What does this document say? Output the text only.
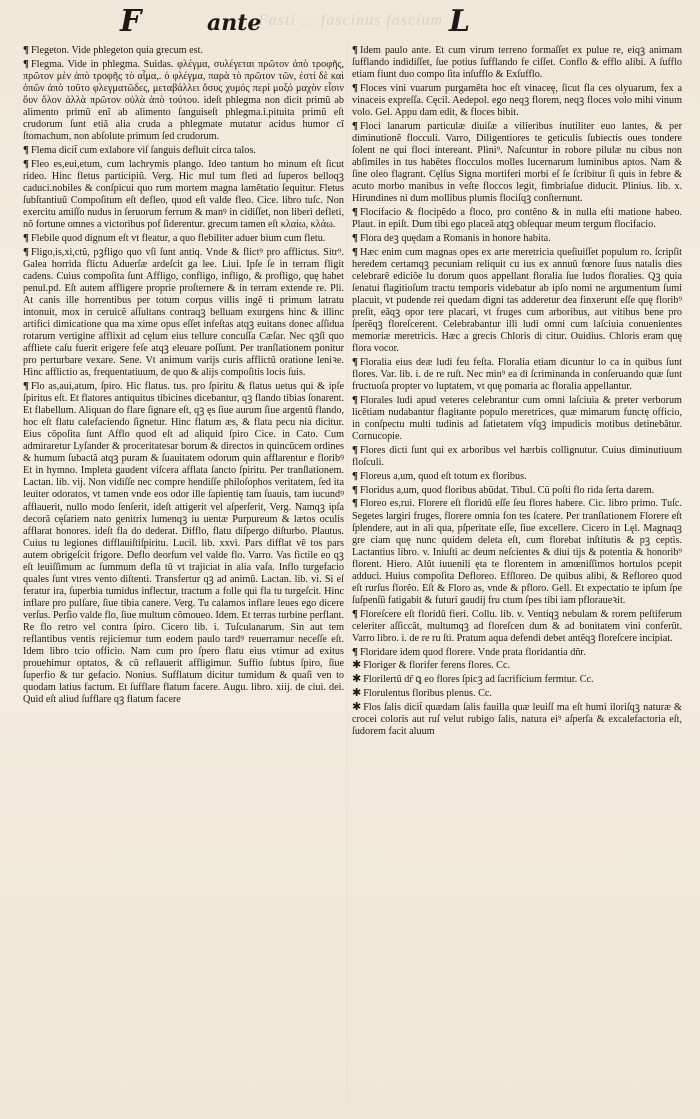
F	ante
Fasti ... fascinus fascium L

¶ Flegeton. Vide phlegeton quia grecum est.

¶ Flegma. Vide in phlegma. Suidas. φλέγμα, συλέγεται πρῶτον ἀπὸ τροφῆς, πρῶτον μὲν ἀπὸ τροφῆς τὸ αἷμα,. ὁ φλέγμα, παρὰ τὸ πρῶτον τῶν, ἐστί δὲ καὶ ὁπῶν ἀπὸ τοῦτο φλεγματῶδες, μεταβάλλει ὅσυς χυμός περί μοξό μαχὸν εἶσιν ὄυν ὅλον ἀλλὰ πρῶτον οὐλὰ ἀπὸ τούτου. ideſt phlegma non dicit primũ ab alimento primũ enĩ ab alimento ſanguiseſt phlegma.i.pituita primũ eſt crudorum ſunt etiã alia cruda a phlegmate mutatur acidus humor cĩ ſtomachum, non abſolute primum ſed crudorum.

¶ Flema dicit̃ cum exlabore viſ ſanguis defluit circa talos.

¶ Fleo es,eui,etum, cum lachrymis plango. Ideo tantum ho minum eſt ſicut rideo. Hinc fletus participiũ. Verg. Hic mul tum fleti ad ſuperos belloqꝫ caduci.nobiles & conſpicui quo rum mortem magna lamẽtatio ſequitur. Fletus ſubſtantiuũ Compoſitum eſt defleo, quod eſt valde fleo. Cice. libro tuſc. Non exercitu amiſſo nudus in ſeruorum ferrum & manꝰ in cidiſſet, non liberi defleti, nõ fortune omnes a victoribus pof ſiderentur. grecum tamen eſt κλαίω, κλάω.

¶ Flebile quod dignum eſt vt fleatur, a quo flebiliter aduer bium cum fletu.

¶ Fligo,is,xi,ctũ, pꝫfligo quo vſi ſunt antiq. Vnde & flict⁹ pro afflictus. Sitr⁹. Galea horrida flictu Aduerſæ ardeſcit ga lee. Liui. Ipſe ſe in terram fligit cadens. Cuius compoſita ſunt Affligo, confligo, infligo, & profligo, quę habet penul.pd. Eſt autem affligere proprie proſternere & in terram extende re. Pli. At canis ille horrentibus per totum corpus villis ingẽ ti primum latratu intonuit, mox in ceruicẽ aſſultans contraqꝫ belluam exurgens hinc & illinc artifici dimicatione qua ma xime opus eſſet infeſtas atqꝫ euitans donec aſſidua rotarum vertigine afflixit ad cęlum eius tellure concuſſa Cæſar. Nec qꝫſi quo affliete caſu fuerit erigere feſe atqꝫ eleuare poſſunt. Per tranſlationem ponitur pro perturbare vexare. Sene. Vt animum varijs curis afflictũ oratione leniꝛe. Hinc afflictio as, frequentatiuum, de quo & alijs compoſitis locis ſuis.

¶ Flo as,aui,atum, ſpiro. Hic flatus. tus. pro ſpiritu & flatus uetus qui & ipſe ſpiritus eſt. Et flatores antiquitus tibicines dicebantur, qꝫ flando tibias ſonarent. Et flabellum. Aliquan do flare ſignare eſt, qꝫ ęs ſiue aurum ſiue argentũ flando, hoc eſt flatu calefaciendo ſignetur. Hinc flatum æs, & flata pecu nia dicitur. Eius cõpoſita ſunt Afflo quod eſt ad aliquid ſpiro Cice. in Cato. Cum admiraretur Lyſander & proceritatesar borum & directos in quincũcem ordines & humum ſubactã atqꝫ puram & ſuauitatem odorum quin afflarentur e floribꝰ Et in hymno. Impleta gaudent viſcera afflata ſancto ſpiritu. Per tranſlationem. Lactan. lib. vij. Non vidiſſe nec compre hendiſſe philoſophos veritatem, ſed ita leuiter odoratos, vt tamen vnde eos odor ille ſapientię tam ſuauis, tam iucundꝰ afflauerit, nullo modo ſenſerit, ideſt attigerit vel aſperſerit, Verg. Namqꝫ ipſa decorã cęſariem nato genitrix lumenqꝫ iu uentæ Purpureum & lætos oculis afflarat honores. ideſt fla do dederat. Difflo, flatu diſpergo diſturbo. Plautus. Cuius tu legiones difflauiſtiſpiritu. Lucil. lib. xxvi. Pars difflat vẽ tos pars autem obrigeſcit frigore. Deflo deorſum vel valde flo. Varro. Vas fictile eo qꝫ eſt leuiſſimum ac ſummum defla tũ vt trajiciat in alia vaſa. Inflo turgefacio quales ſunt vtres vento diſtenti. Transfertur qꝫ ad animũ. Lactan. lib. vi. Si eſ feratur ira, ſuperbia tumidus inflectur, tractum a folle qui fla tu turgeſcit. Hinc inflare pro pulſare, ſiue tibia canere. Verg. Tu calamos inflare leues ego dicere verſus. Perſio valde flo, ſiue multum cõmoueo. Idem. Et terras turbine perflant. Re flo retro vel contra ſpiro. Cicero lib. i. Tuſculanarum. Sin aut tem reflantibus ventis rejiciemur tum eodem paulo tardꝰ reuerramur neceſſe eſt. Idem libro tcio officio. Nam cum pro ſpero flatu eius vtimur ad exitus prouehimur optatos, & cũ reflauerit affligimur. Suffio ſubtus ſpiro, ſiue ſuperfio & tur gefacio. Nonius. Sufflatum dicitur tumidum & quaſi ven to quodam latius factum. Et ſufflare flatum facere. Augu. libro. xiij. de ciui. dei. Quid eſt aliud ſufflare qꝫ flatum facere

¶ Idem paulo ante. Et cum virum terreno formaſſet ex pulue re, eiqꝫ animam ſufflando indidiſſet, ſue potius ſufflando fe ciſſet. Conflo & efflo alibi. A ſufflo etiam fiunt duo compo ſita inſufflo & Exſufflo.

¶ Floces vini vuarum purgamẽta hoc eſt vinaceę, ſicut fla ces olyuarum, fex a vinaceis expreſſa. Cęcil. Aedepol. ego neqꝫ florem, neqꝫ floces volo mihi vinum volo. Gel. Appu dam edit, & floces bibit.

¶ Floci lanarum particulæ diuiſæ a vilieribus inutiliter euo lantes, & per diminutionẽ flocculi. Varro, Diligentiores te geticulis ſubiectis oues tondere ſolent ne qui floci intereant. Plini⁹. Naſcuntur in robore pilulæ nu cibus non abſimiles in tus habẽtes flocculos molles lucernarum luminibus aptos. Nam & ſine oleo flagrant. Cęlſus Signa mortiferi morbi eſ ſe ſcribitur ſi quis in febre & acuto morbo manibus in veſte floccos legit, fimbriaſue diducit. Plinius. lib. x. Hirundines ni dum mollibus plumis flociſqꝫ conſternunt.

¶ Flocifacio & flocipẽdo a floco, pro contẽno & in nulla eſti matione habeo. Plaut. in epiſt. Dum tibi ego placeã atqꝫ obſequar meum tergum flocifacio.

¶ Flora deꝫ quędam a Romanis in honore habita.

¶ Hæc enim cum magnas opes ex arte meretricia queſiuiſſet populum ro. ſcripſit heredem certamqꝫ pecuniam reliquit cu ius ex annuũ fœnore ſuus natalis dies celebrarẽ ediciõe lu dorum quos appellant floralia ſue ludos floralies. Qꝫ quia ſenatui flagitioſum tractu temporis videbatur ab ipſo nomi ne argumentum ſumi placuit, vt pudende rei quedam digni tas adderetur dea finxerunt eſſe quę florib⁹ preſit, eãqꝫ opor tere placari, vt fruges cum arboribus, aut vitibus bene pro ſperẽqꝫ floreſcerent. Celebrabantur illi ludi omni cum laſciuia conuenientes memoriæ meretricis. Hæc a grecis Chloris di citur. Ouidius. Chloris eram quę flora vocor.

¶ Floralia eius deæ ludi feu feſta. Floralia etiam dicuntur lo ca in quibus ſunt flores. Var. lib. i. de re ruſt. Nec min⁹ ea di ſcriminanda in conſeruando quæ ſunt fructuoſa propter vo luptatem, vt quę pomaria ac floralia appellantur.

¶ Florales ludi apud veteres celebrantur cum omni laſciuia & preter verborum licẽtiam nudabantur flagitante populo meretrices, quæ mimarum functę officio, in conſpectu multi tudinis ad ſatietatem vſqꝫ impudicis motibus detinebãtur. Cornucopie.

¶ Flores dicti ſunt qui ex arboribus vel hærbis collignutur. Cuius diminutiuum floſculi.

¶ Floreus a,um, quod eſt totum ex floribus.

¶ Floridus a,um, quod floribus abũdat. Tibul. Cũ poſti flo rida ſerta darem.

¶ Floreo es,rui. Florere eſt floridũ eſſe ſeu flores habere. Cic. libro primo. Tuſc. Segetes largiri fruges, florere omnia fon tes ſcatere. Per tranſlationem Florere eſt ſplendere, aut in ali qua, pſperitate eſſe, ſiue excellere. Cicero in Lęl. Magnaqꝫ gre ciam quę nunc quidem deleta eſt, cum florebat inſtitutis & pꝫ ceptis. Lactantius libro. v. Iniuſti ac deum neſcientes & diui tijs & potentia & honorib⁹ florent. Hiero. Alũt iuuenili ęta te florentem in amœniſſimos hortulos pcepit adduci. Huius compoſita Defloreo. Efſloreo. De quibus alibi, & Refloreo quod eſt rurſus florẽo. Eſt & Floro as, vnde & pfloro. Gell. Et expectatio te ipſum ſpe ſuſpenſũ fatigabit & futuri gaudij fru ctum ſpes tibi iam pfloraueꝛit.

¶ Floreſcere eſt floridũ fieri. Collu. lib. v. Ventiqꝫ nebulam & rorem peſtiferum celeriter aſſiccãt, multumqꝫ ad floreſcen dum & ad bonitatem vini conferũt. Varro libro. i. de re ru ſti. Pratum aqua defendi debet antẽqꝫ floreſcere incipiat.

¶ Floridare idem quod florere. Vnde prata floridantia dñr.

✱ Floriger & florifer ferens flores. Cc.

✱ Florilertũ dr̃ ꝗ eo flores ſpicꝫ ad ſacrificium fermtur. Cc.

✱ Florulentus floribus plenus. Cc.

✱ Flos ſalis dicit̃ quædam ſalis fauilla quæ leuiſſ ma eſt humi iloriſqꝫ naturæ & crocei coloris aut ruſ velut rubigo ſalis, natura ei⁹ aſperſa & excalefactoria eſt, ſudorem facit aluum
